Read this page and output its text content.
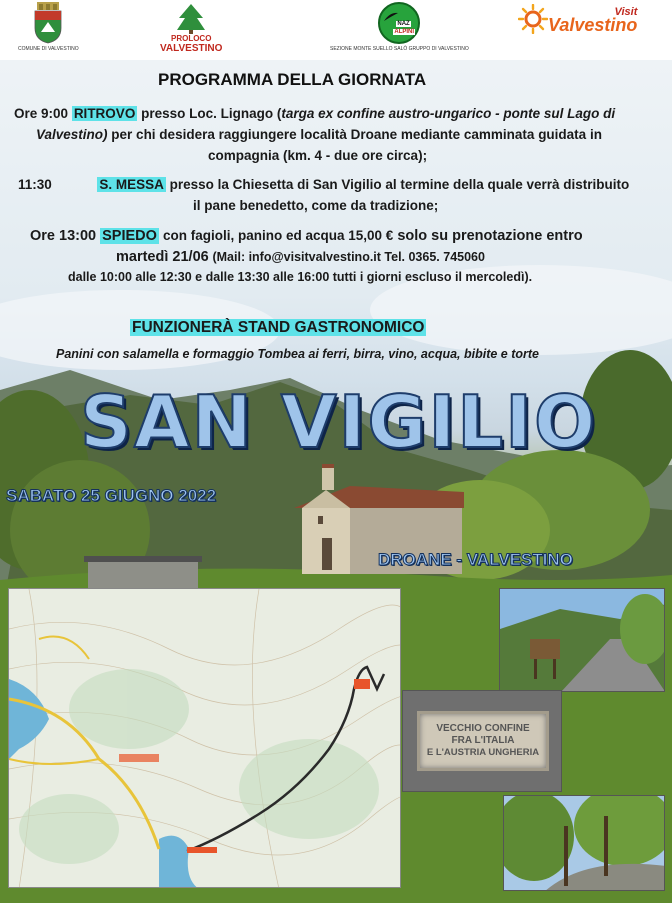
COMUNE DI VALVESTINO
PROLOCO
VALVESTINO
NAZ
ALPINI
SEZIONE MONTE SUELLO SALÒ GRUPPO DI VALVESTINO
Visit
Valvestino
PROGRAMMA DELLA GIORNATA
Ore 9:00 RITROVO presso Loc. Lignago (targa ex confine austro-ungarico - ponte sul Lago di
Valvestino) per chi desidera raggiungere località Droane mediante camminata guidata in
compagnia (km. 4 - due ore circa);
11:30	S. MESSA presso la Chiesetta di San Vigilio al termine della quale verrà distribuito
il pane benedetto, come da tradizione;
Ore 13:00 SPIEDO con fagioli, panino ed acqua 15,00 € solo su prenotazione entro
martedì 21/06 (Mail: info@visitvalvestino.it Tel. 0365. 745060
dalle 10:00 alle 12:30 e dalle 13:30 alle 16:00 tutti i giorni escluso il mercoledì).
FUNZIONERÀ STAND GASTRONOMICO
Panini con salamella e formaggio Tombea ai ferri, birra, vino, acqua, bibite e torte
SAN VIGILIO
SABATO 25 GIUGNO 2022
DROANE - VALVESTINO
VECCHIO CONFINE
FRA L'ITALIA
E L'AUSTRIA UNGHERIA
